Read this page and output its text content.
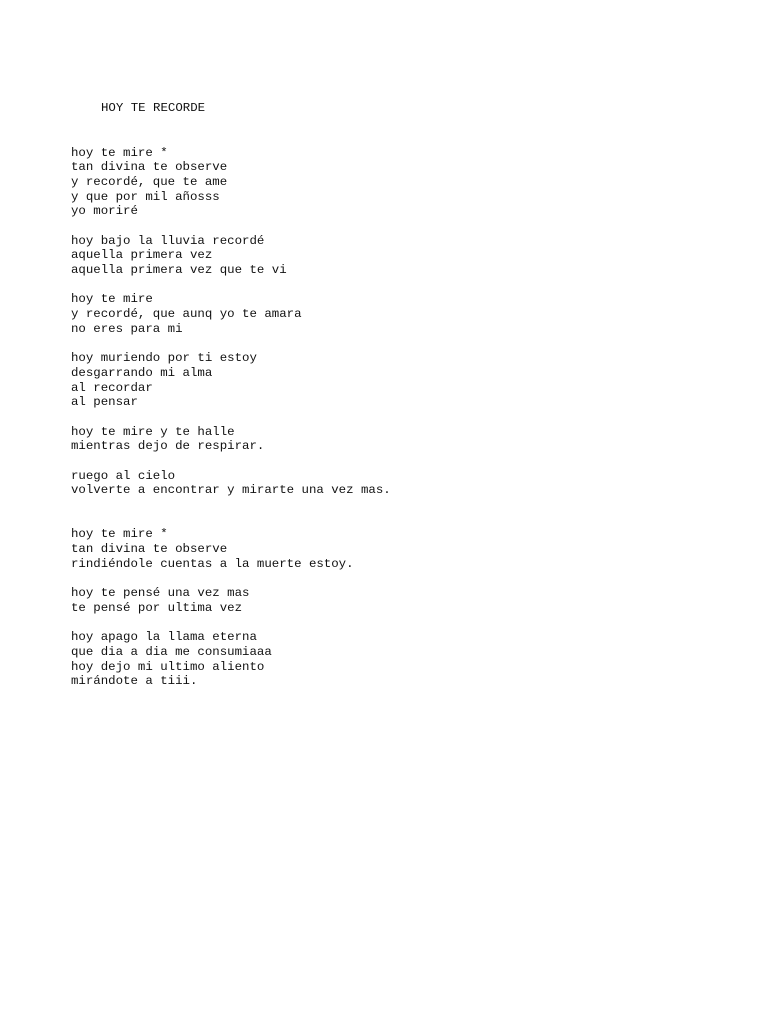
HOY TE RECORDE

hoy te mire *
tan divina te observe
y recordé, que te ame
y que por mil añosss
yo moriré
hoy bajo la lluvia recordé
aquella primera vez
aquella primera vez que te vi
hoy te mire
y recordé, que aunq yo te amara
no eres para mi
hoy muriendo por ti estoy
desgarrando mi alma
al recordar
al pensar
hoy te mire y te halle
mientras dejo de respirar.
ruego al cielo
volverte a encontrar y mirarte una vez mas.
hoy te mire *
tan divina te observe
rindiéndole cuentas a la muerte estoy.
hoy te pensé una vez mas
te pensé por ultima vez
hoy apago la llama eterna
que dia a dia me consumiaaa
hoy dejo mi ultimo aliento
mirándote a tiii.
